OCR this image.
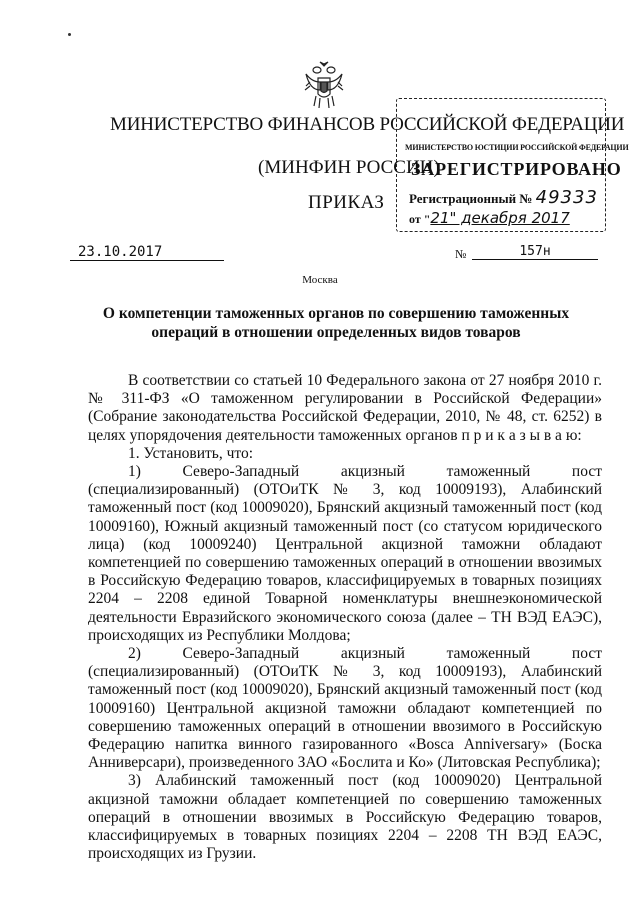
МИНИСТЕРСТВО ФИНАНСОВ РОССИЙСКОЙ ФЕДЕРАЦИИ
(МИНФИН РОССИИ)
ПРИКАЗ
МИНИСТЕРСТВО ЮСТИЦИИ РОССИЙСКОЙ ФЕДЕРАЦИИ
ЗАРЕГИСТРИРОВАНО
Регистрационный № 49333
от "21" декабря 2017
23.10.2017	№	157н
Москва
О компетенции таможенных органов по совершению таможенных операций в отношении определенных видов товаров

В соответствии со статьей 10 Федерального закона от 27 ноября 2010 г. № 311-ФЗ «О таможенном регулировании в Российской Федерации» (Собрание законодательства Российской Федерации, 2010, № 48, ст. 6252) в целях упорядочения деятельности таможенных органов п р и к а з ы в а ю:

1. Установить, что:

1) Северо-Западный акцизный таможенный пост (специализированный) (ОТОиТК № 3, код 10009193), Алабинский таможенный пост (код 10009020), Брянский акцизный таможенный пост (код 10009160), Южный акцизный таможенный пост (со статусом юридического лица) (код 10009240) Центральной акцизной таможни обладают компетенцией по совершению таможенных операций в отношении ввозимых в Российскую Федерацию товаров, классифицируемых в товарных позициях 2204 – 2208 единой Товарной номенклатуры внешнеэкономической деятельности Евразийского экономического союза (далее – ТН ВЭД ЕАЭС), происходящих из Республики Молдова;

2) Северо-Западный акцизный таможенный пост (специализированный) (ОТОиТК № 3, код 10009193), Алабинский таможенный пост (код 10009020), Брянский акцизный таможенный пост (код 10009160) Центральной акцизной таможни обладают компетенцией по совершению таможенных операций в отношении ввозимого в Российскую Федерацию напитка винного газированного «Bosca Anniversary» (Боска Анниверсари), произведенного ЗАО «Бослита и Ко» (Литовская Республика);

3) Алабинский таможенный пост (код 10009020) Центральной акцизной таможни обладает компетенцией по совершению таможенных операций в отношении ввозимых в Российскую Федерацию товаров, классифицируемых в товарных позициях 2204 – 2208 ТН ВЭД ЕАЭС, происходящих из Грузии.
